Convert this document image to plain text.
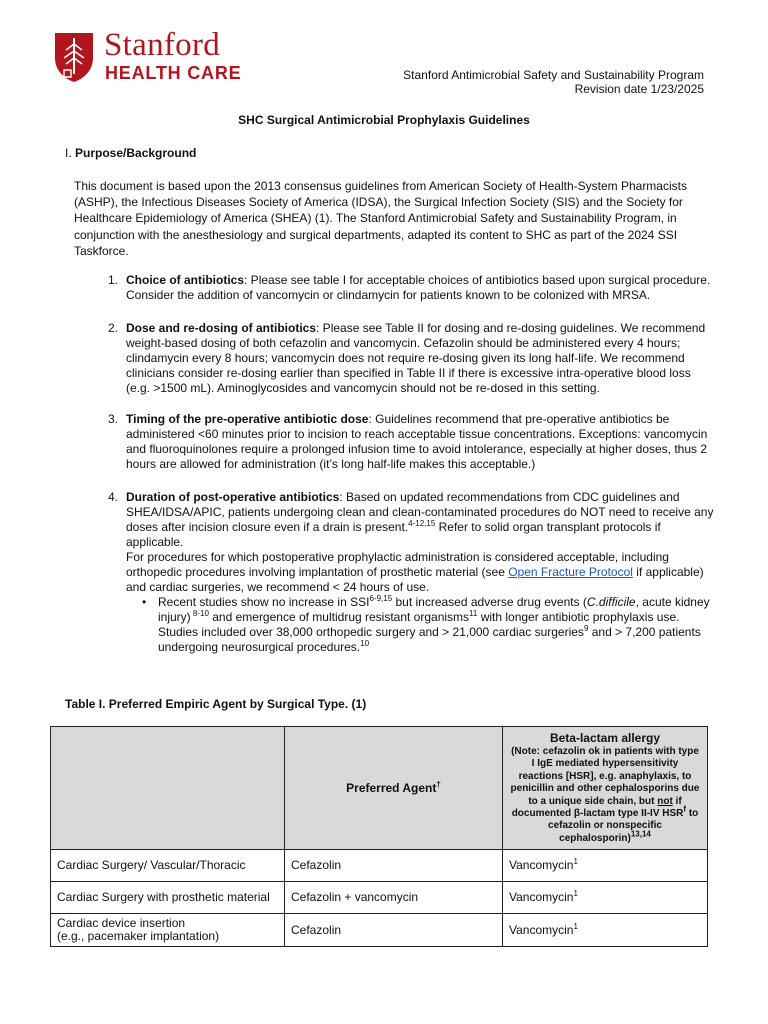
Stanford
HEALTH CARE	Stanford Antimicrobial Safety and Sustainability Program
Revision date 1/23/2025
SHC Surgical Antimicrobial Prophylaxis Guidelines
I. Purpose/Background
This document is based upon the 2013 consensus guidelines from American Society of Health-System Pharmacists (ASHP), the Infectious Diseases Society of America (IDSA), the Surgical Infection Society (SIS) and the Society for Healthcare Epidemiology of America (SHEA) (1). The Stanford Antimicrobial Safety and Sustainability Program, in conjunction with the anesthesiology and surgical departments, adapted its content to SHC as part of the 2024 SSI Taskforce.
1. Choice of antibiotics: Please see table I for acceptable choices of antibiotics based upon surgical procedure. Consider the addition of vancomycin or clindamycin for patients known to be colonized with MRSA.
2. Dose and re-dosing of antibiotics: Please see Table II for dosing and re-dosing guidelines. We recommend weight-based dosing of both cefazolin and vancomycin. Cefazolin should be administered every 4 hours; clindamycin every 8 hours; vancomycin does not require re-dosing given its long half-life. We recommend clinicians consider re-dosing earlier than specified in Table II if there is excessive intra-operative blood loss (e.g. >1500 mL). Aminoglycosides and vancomycin should not be re-dosed in this setting.
3. Timing of the pre-operative antibiotic dose: Guidelines recommend that pre-operative antibiotics be administered <60 minutes prior to incision to reach acceptable tissue concentrations. Exceptions: vancomycin and fluoroquinolones require a prolonged infusion time to avoid intolerance, especially at higher doses, thus 2 hours are allowed for administration (it’s long half-life makes this acceptable.)
4. Duration of post-operative antibiotics: Based on updated recommendations from CDC guidelines and SHEA/IDSA/APIC, patients undergoing clean and clean-contaminated procedures do NOT need to receive any doses after incision closure even if a drain is present.$^{4-12,15}$ Refer to solid organ transplant protocols if applicable.
For procedures for which postoperative prophylactic administration is considered acceptable, including orthopedic procedures involving implantation of prosthetic material (see Open Fracture Protocol if applicable) and cardiac surgeries, we recommend < 24 hours of use.
• Recent studies show no increase in SSI$^{6-9,15}$ but increased adverse drug events (C.difficile, acute kidney injury) $^{8-10}$ and emergence of multidrug resistant organisms$^{11}$ with longer antibiotic prophylaxis use. Studies included over 38,000 orthopedic surgery and > 21,000 cardiac surgeries$^9$ and > 7,200 patients undergoing neurosurgical procedures.$^{10}$
Table I. Preferred Empiric Agent by Surgical Type. (1)
	Preferred Agent†	Beta-lactam allergy
(Note: cefazolin ok in patients with type I IgE mediated hypersensitivity reactions [HSR], e.g. anaphylaxis, to penicillin and other cephalosporins due to a unique side chain, but not if documented β-lactam type II-IV HSR$^f$ to cefazolin or nonspecific cephalosporin)$^{13,14}$

Cardiac Surgery/ Vascular/Thoracic	Cefazolin	Vancomycin$^1$
Cardiac Surgery with prosthetic material	Cefazolin + vancomycin	Vancomycin$^1$
Cardiac device insertion
(e.g., pacemaker implantation)	Cefazolin	Vancomycin$^1$
